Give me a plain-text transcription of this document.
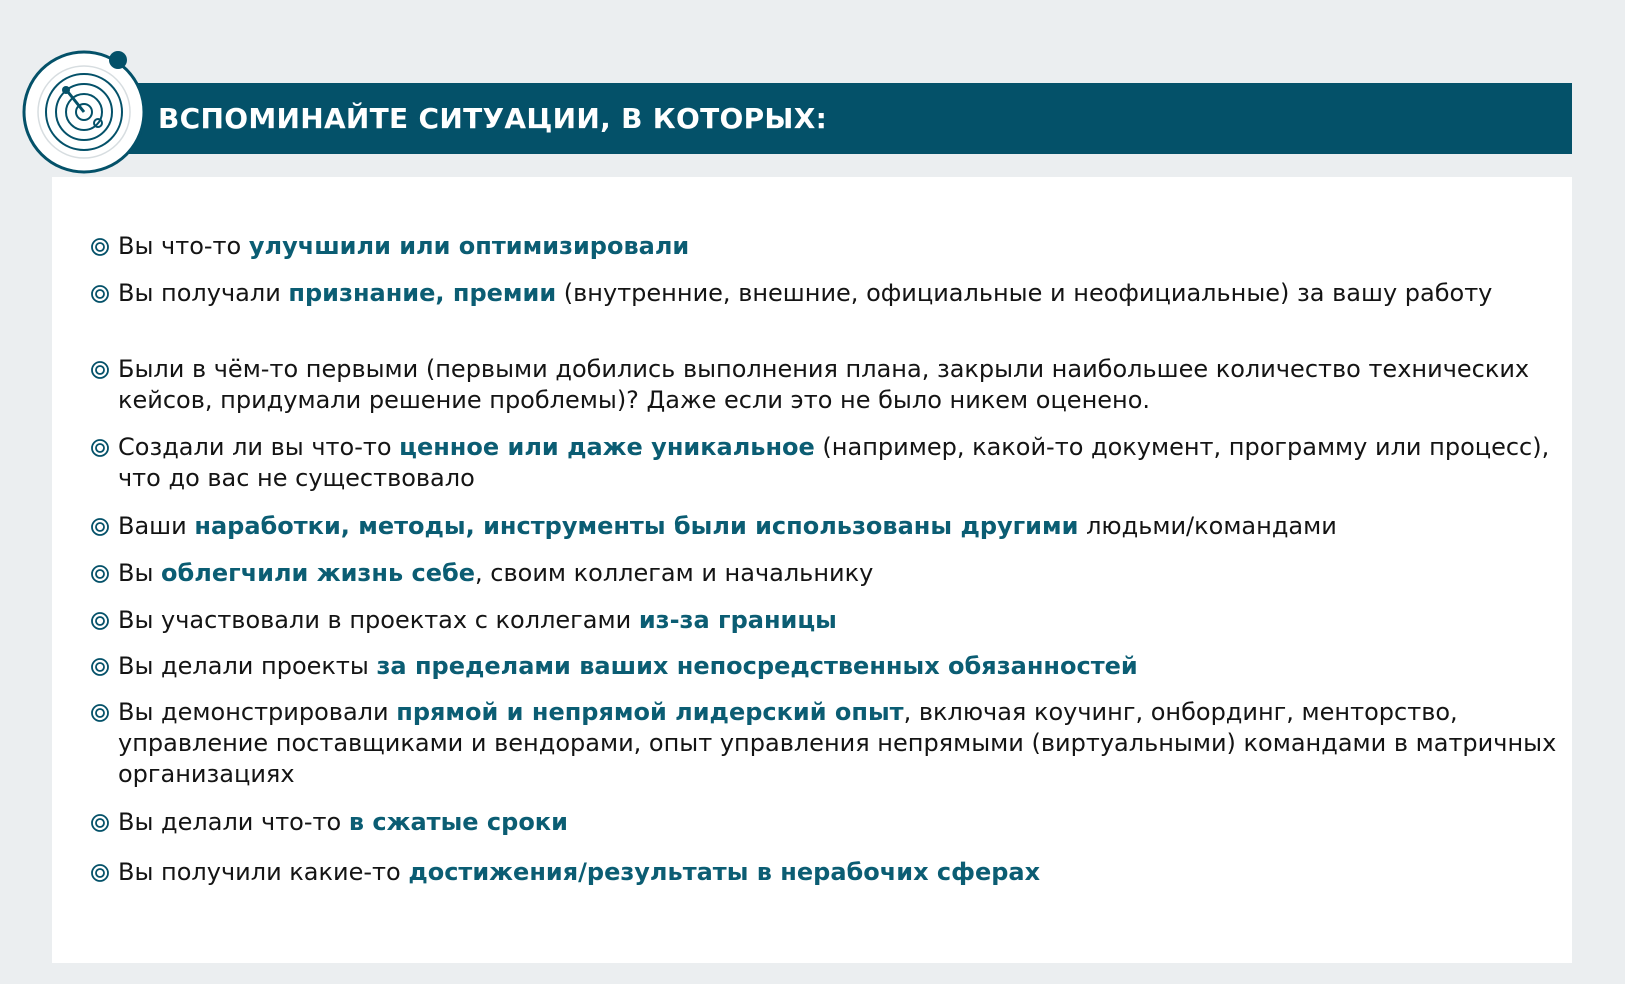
ВСПОМИНАЙТЕ СИТУАЦИИ, В КОТОРЫХ:
Вы что-то улучшили или оптимизировали
Вы получали признание, премии (внутренние, внешние, официальные и неофициальные) за вашу работу
Были в чём-то первыми (первыми добились выполнения плана, закрыли наибольшее количество технических кейсов, придумали решение проблемы)? Даже если это не было никем оценено.
Создали ли вы что-то ценное или даже уникальное (например, какой-то документ, программу или процесс), что до вас не существовало
Ваши наработки, методы, инструменты были использованы другими людьми/командами
Вы облегчили жизнь себе, своим коллегам и начальнику
Вы участвовали в проектах с коллегами из-за границы
Вы делали проекты за пределами ваших непосредственных обязанностей
Вы демонстрировали прямой и непрямой лидерский опыт, включая коучинг, онбординг, менторство, управление поставщиками и вендорами, опыт управления непрямыми (виртуальными) командами в матричных организациях
Вы делали что-то в сжатые сроки
Вы получили какие-то достижения/результаты в нерабочих сферах
